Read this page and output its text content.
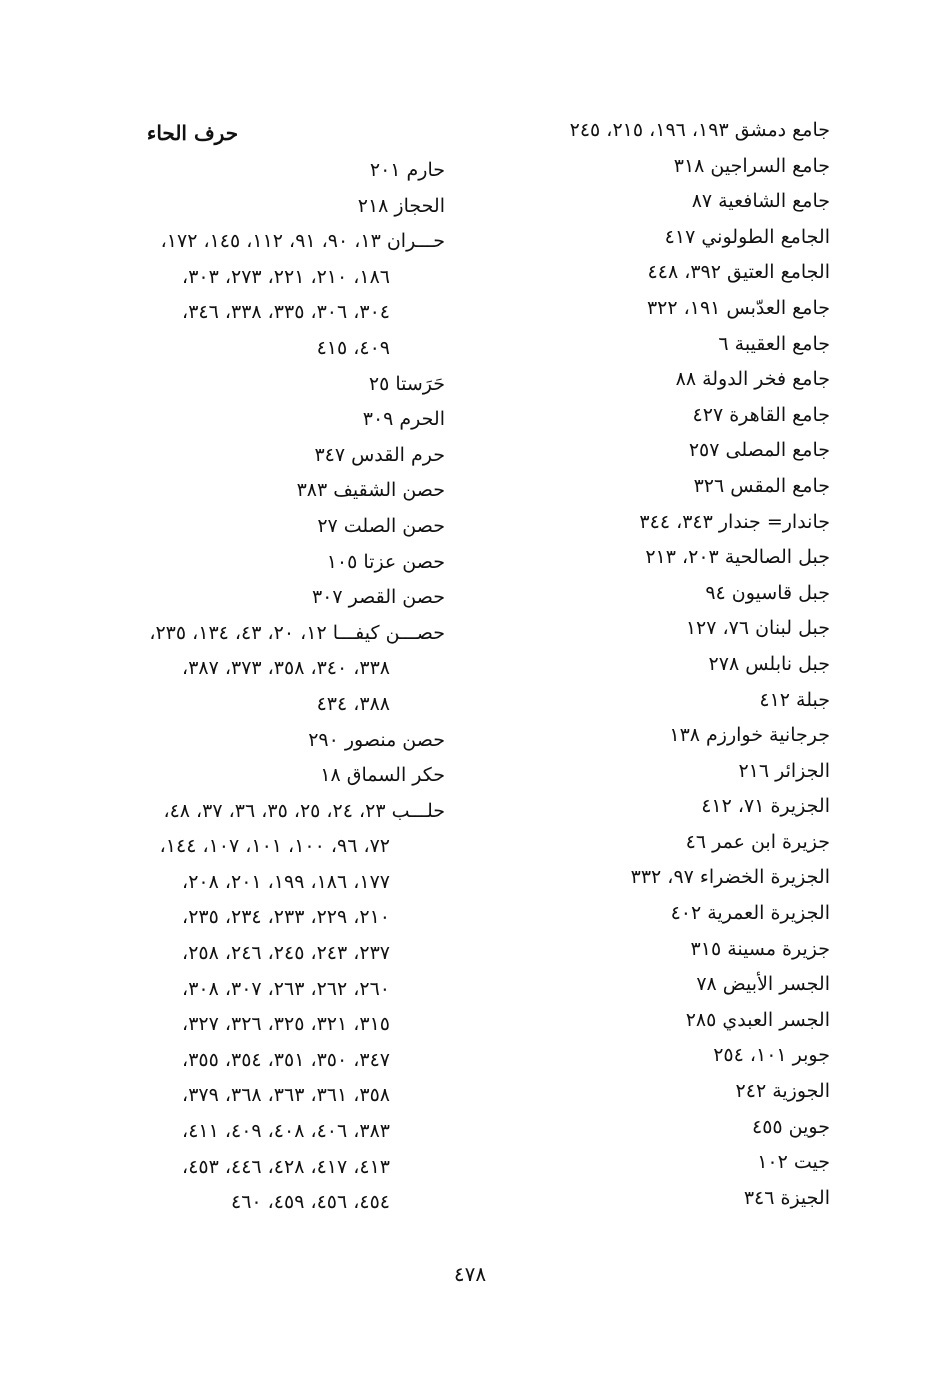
جامع دمشق ١٩٣، ١٩٦، ٢١٥، ٢٤٥
جامع السراجين ٣١٨
جامع الشافعية ٨٧
الجامع الطولوني ٤١٧
الجامع العتيق ٣٩٢، ٤٤٨
جامع العدّبس ١٩١، ٣٢٢
جامع العقيبة ٦
جامع فخر الدولة ٨٨
جامع القاهرة ٤٢٧
جامع المصلى ٢٥٧
جامع المقس ٣٢٦
جاندار= جندار ٣٤٣، ٣٤٤
جبل الصالحية ٢٠٣، ٢١٣
جبل قاسيون ٩٤
جبل لبنان ٧٦، ١٢٧
جبل نابلس ٢٧٨
جبلة ٤١٢
جرجانية خوارزم ١٣٨
الجزائر ٢١٦
الجزيرة ٧١، ٤١٢
جزيرة ابن عمر ٤٦
الجزيرة الخضراء ٩٧، ٣٣٢
الجزيرة العمرية ٤٠٢
جزيرة مسينة ٣١٥
الجسر الأبيض ٧٨
الجسر العبدي ٢٨٥
جوبر ١٠١، ٢٥٤
الجوزية ٢٤٢
جوين ٤٥٥
جيت ١٠٢
الجيزة ٣٤٦
حرف الحاء
حارم ٢٠١
الحجاز ٢١٨
حـــران ١٣، ٩٠، ٩١، ١١٢، ١٤٥، ١٧٢،
١٨٦، ٢١٠، ٢٢١، ٢٧٣، ٣٠٣،
٣٠٤، ٣٠٦، ٣٣٥، ٣٣٨، ٣٤٦،
٤٠٩، ٤١٥
حَرَستا ٢٥
الحرم ٣٠٩
حرم القدس ٣٤٧
حصن الشقيف ٣٨٣
حصن الصلت ٢٧
حصن عزتا ١٠٥
حصن القصر ٣٠٧
حصـــن كيفـــا ١٢، ٢٠، ٤٣، ١٣٤، ٢٣٥،
٣٣٨، ٣٤٠، ٣٥٨، ٣٧٣، ٣٨٧،
٣٨٨، ٤٣٤
حصن منصور ٢٩٠
حكر السماق ١٨
حلـــب ٢٣، ٢٤، ٢٥، ٣٥، ٣٦، ٣٧، ٤٨،
٧٢، ٩٦، ١٠٠، ١٠١، ١٠٧، ١٤٤،
١٧٧، ١٨٦، ١٩٩، ٢٠١، ٢٠٨،
٢١٠، ٢٢٩، ٢٣٣، ٢٣٤، ٢٣٥،
٢٣٧، ٢٤٣، ٢٤٥، ٢٤٦، ٢٥٨،
٢٦٠، ٢٦٢، ٢٦٣، ٣٠٧، ٣٠٨،
٣١٥، ٣٢١، ٣٢٥، ٣٢٦، ٣٢٧،
٣٤٧، ٣٥٠، ٣٥١، ٣٥٤، ٣٥٥،
٣٥٨، ٣٦١، ٣٦٣، ٣٦٨، ٣٧٩،
٣٨٣، ٤٠٦، ٤٠٨، ٤٠٩، ٤١١،
٤١٣، ٤١٧، ٤٢٨، ٤٤٦، ٤٥٣،
٤٥٤، ٤٥٦، ٤٥٩، ٤٦٠
٤٧٨
